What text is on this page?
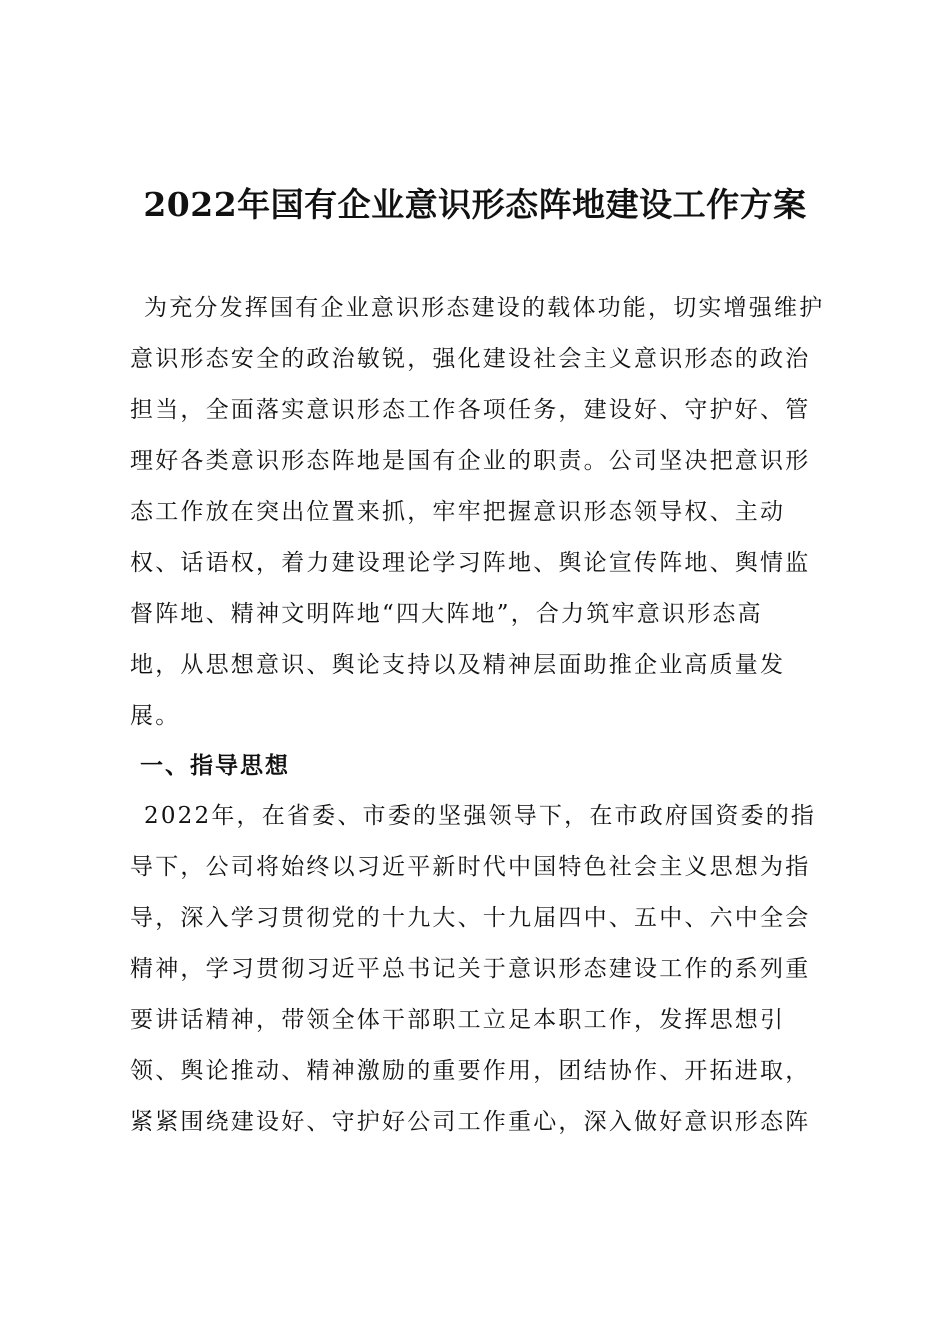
2022年国有企业意识形态阵地建设工作方案
为充分发挥国有企业意识形态建设的载体功能，切实增强维护
意识形态安全的政治敏锐，强化建设社会主义意识形态的政治
担当，全面落实意识形态工作各项任务，建设好、守护好、管
理好各类意识形态阵地是国有企业的职责。公司坚决把意识形
态工作放在突出位置来抓，牢牢把握意识形态领导权、主动
权、话语权，着力建设理论学习阵地、舆论宣传阵地、舆情监
督阵地、精神文明阵地“四大阵地”，合力筑牢意识形态高
地，从思想意识、舆论支持以及精神层面助推企业高质量发
展。
一、指导思想
2022年，在省委、市委的坚强领导下，在市政府国资委的指
导下，公司将始终以习近平新时代中国特色社会主义思想为指
导，深入学习贯彻党的十九大、十九届四中、五中、六中全会
精神，学习贯彻习近平总书记关于意识形态建设工作的系列重
要讲话精神，带领全体干部职工立足本职工作，发挥思想引
领、舆论推动、精神激励的重要作用，团结协作、开拓进取，
紧紧围绕建设好、守护好公司工作重心，深入做好意识形态阵
